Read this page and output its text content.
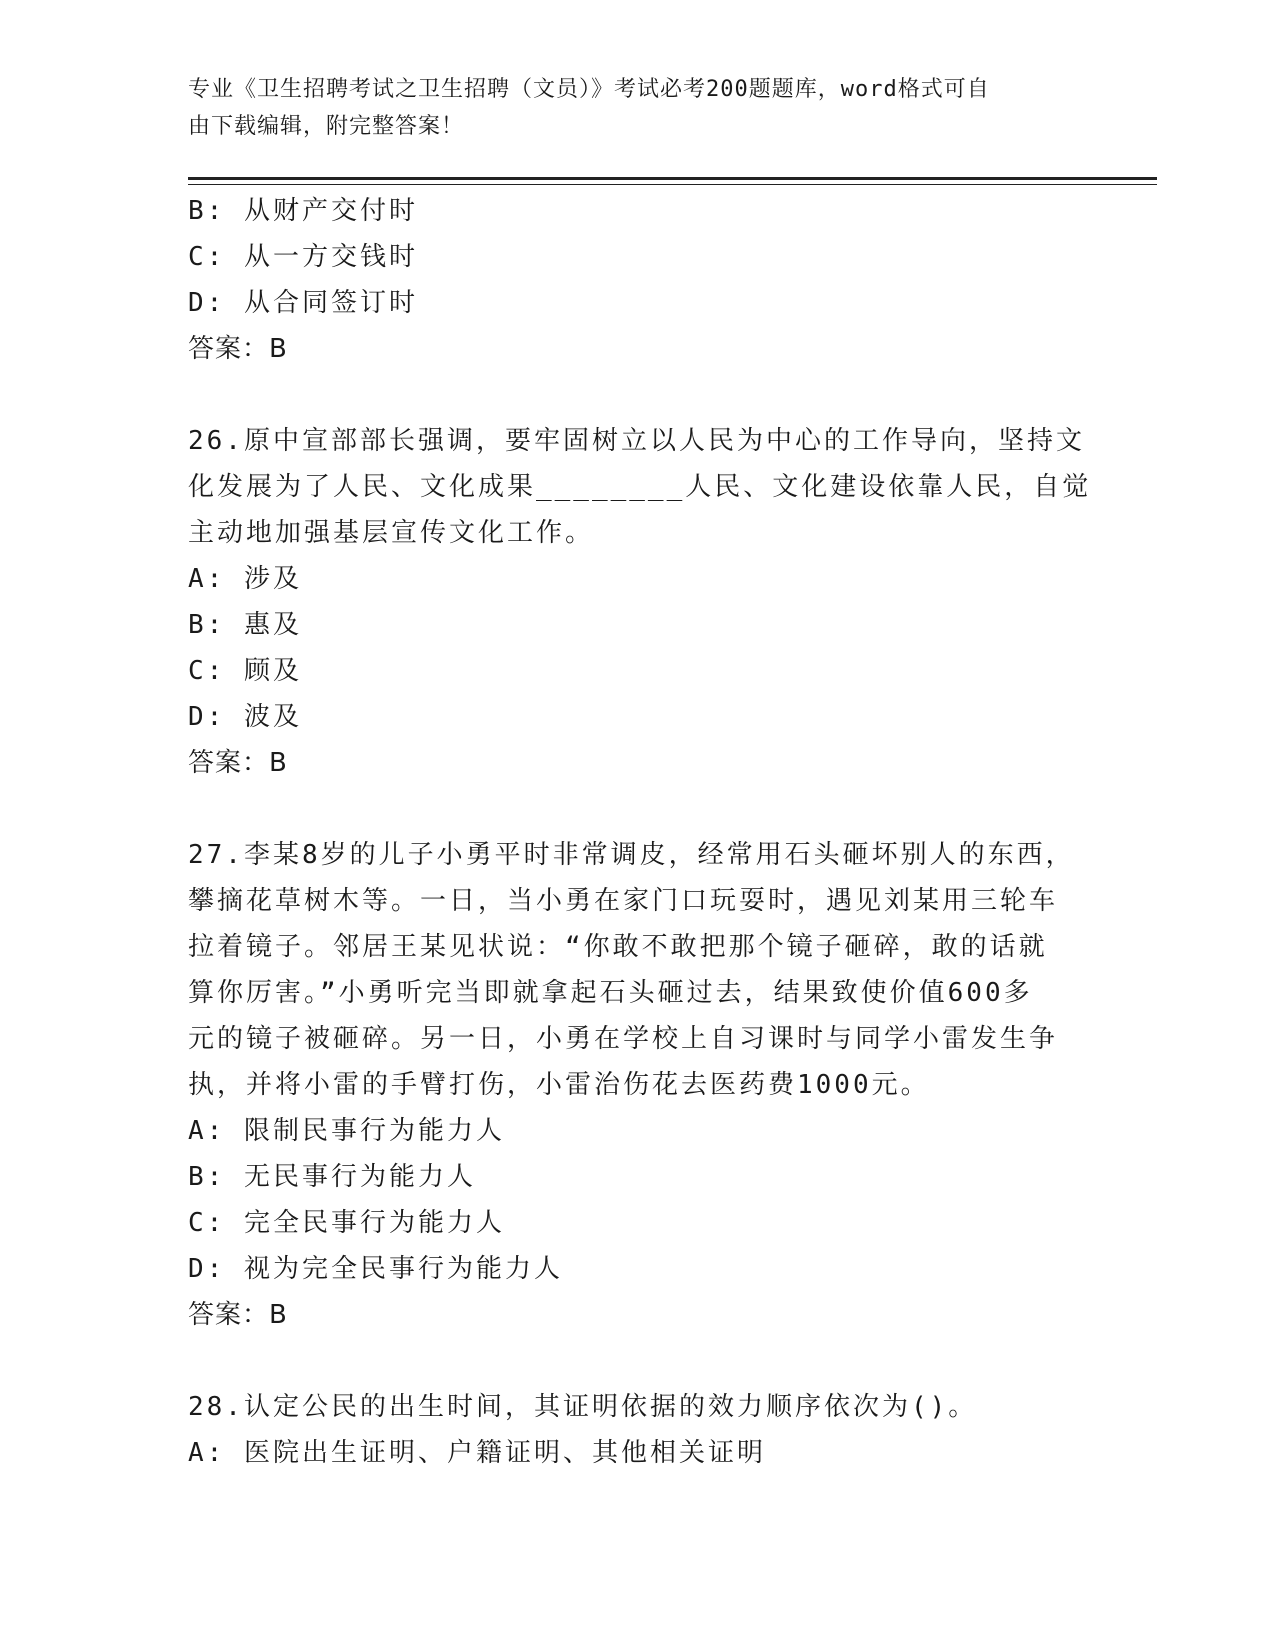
专业《卫生招聘考试之卫生招聘（文员）》考试必考200题题库，word格式可自
由下载编辑，附完整答案！
B: 从财产交付时
C: 从一方交钱时
D: 从合同签订时
答案：B
26.原中宣部部长强调，要牢固树立以人民为中心的工作导向，坚持文
化发展为了人民、文化成果________人民、文化建设依靠人民，自觉
主动地加强基层宣传文化工作。
A: 涉及
B: 惠及
C: 顾及
D: 波及
答案：B
27.李某8岁的儿子小勇平时非常调皮，经常用石头砸坏别人的东西，
攀摘花草树木等。一日，当小勇在家门口玩耍时，遇见刘某用三轮车
拉着镜子。邻居王某见状说：“你敢不敢把那个镜子砸碎，敢的话就
算你厉害。”小勇听完当即就拿起石头砸过去，结果致使价值600多
元的镜子被砸碎。另一日，小勇在学校上自习课时与同学小雷发生争
执，并将小雷的手臂打伤，小雷治伤花去医药费1000元。
A: 限制民事行为能力人
B: 无民事行为能力人
C: 完全民事行为能力人
D: 视为完全民事行为能力人
答案：B
28.认定公民的出生时间，其证明依据的效力顺序依次为()。
A: 医院出生证明、户籍证明、其他相关证明
